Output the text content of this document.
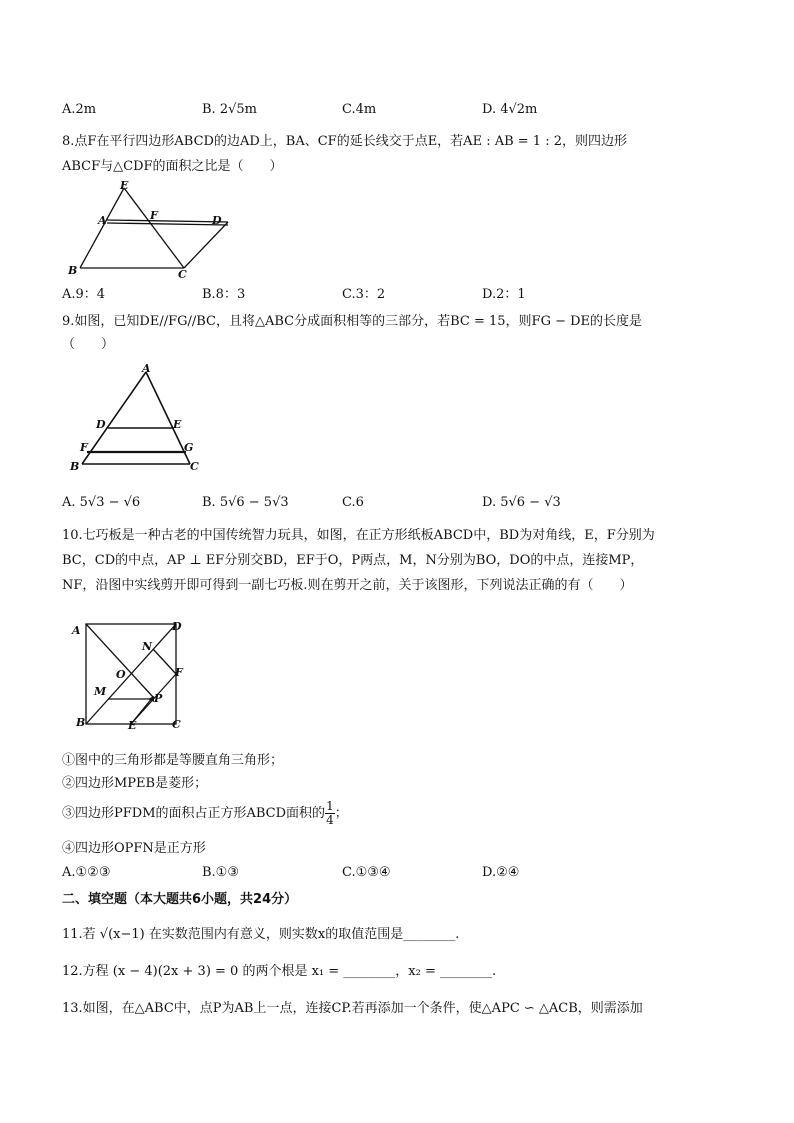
A.2m	B. 2√5m	C.4m	D. 4√2m
8.点F在平行四边形ABCD的边AD上，BA、CF的延长线交于点E，若AE : AB = 1 : 2，则四边形
ABCF与△CDF的面积之比是（　　）
E
A	F	D
B	C
A.9：4	B.8：3	C.3：2	D.2：1
9.如图，已知DE//FG//BC，且将△ABC分成面积相等的三部分，若BC = 15，则FG − DE的长度是
（　　）
A
D	E
F	G
B	C
A. 5√3 − √6	B. 5√6 − 5√3	C.6	D. 5√6 − √3
10.七巧板是一种古老的中国传统智力玩具，如图，在正方形纸板ABCD中，BD为对角线，E，F分别为
BC，CD的中点，AP ⊥ EF分别交BD，EF于O，P两点，M，N分别为BO，DO的中点，连接MP，
NF，沿图中实线剪开即可得到一副七巧板.则在剪开之前，关于该图形，下列说法正确的有（　　）
A	D
N
O	F
M
P
B	E	C
①图中的三角形都是等腰直角三角形；
②四边形MPEB是菱形；
③四边形PFDM的面积占正方形ABCD面积的 $\frac{1}{4}$ ；
④四边形OPFN是正方形
A.①②③	B.①③	C.①③④	D.②④
二、填空题（本大题共6小题，共24分）
11.若 √(x−1) 在实数范围内有意义，则实数x的取值范围是________.
12.方程 (x − 4)(2x + 3) = 0 的两个根是 x₁ = ________，x₂ = ________.
13.如图，在△ABC中，点P为AB上一点，连接CP.若再添加一个条件，使△APC ∽ △ACB，则需添加
